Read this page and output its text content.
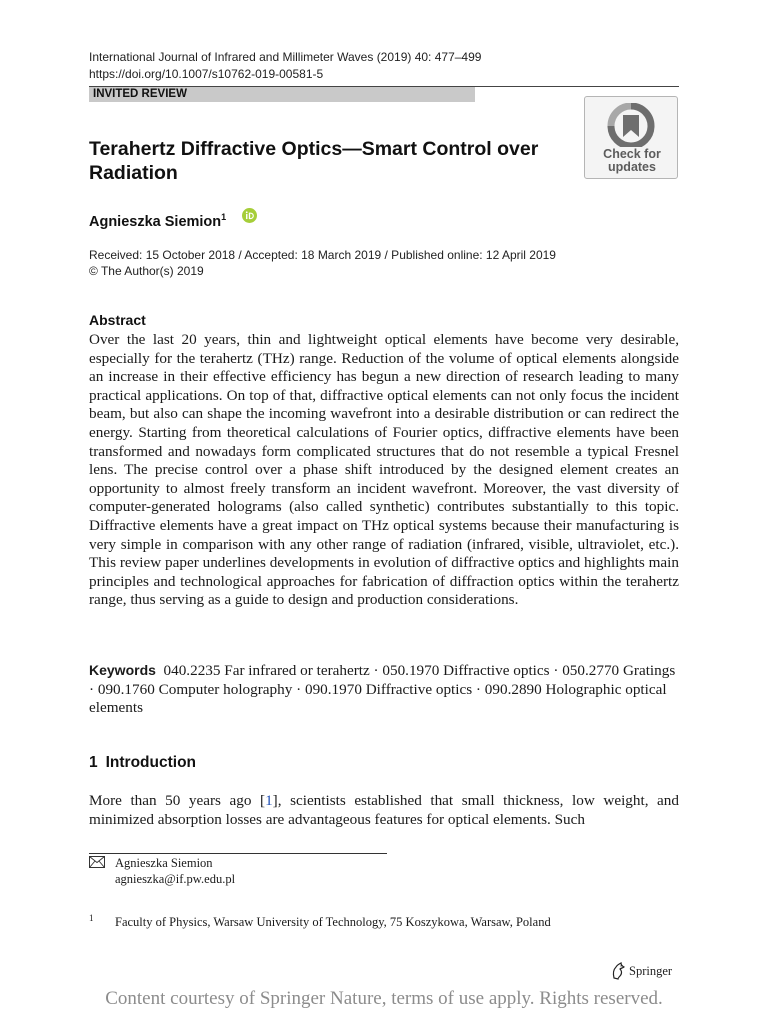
International Journal of Infrared and Millimeter Waves (2019) 40: 477–499
https://doi.org/10.1007/s10762-019-00581-5
INVITED REVIEW
Terahertz Diffractive Optics—Smart Control over
Radiation
Check for
updates
Agnieszka Siemion$^1$
Received: 15 October 2018 / Accepted: 18 March 2019 / Published online: 12 April 2019
© The Author(s) 2019
Abstract
Over the last 20 years, thin and lightweight optical elements have become very desirable, especially for the terahertz (THz) range. Reduction of the volume of optical elements alongside an increase in their effective efficiency has begun a new direction of research leading to many practical applications. On top of that, diffractive optical elements can not only focus the incident beam, but also can shape the incoming wavefront into a desirable distribution or can redirect the energy. Starting from theoretical calculations of Fourier optics, diffractive elements have been transformed and nowadays form complicated structures that do not resemble a typical Fresnel lens. The precise control over a phase shift introduced by the designed element creates an opportunity to almost freely transform an incident wavefront. Moreover, the vast diversity of computer-generated holograms (also called synthetic) contributes substantially to this topic. Diffractive elements have a great impact on THz optical systems because their manufacturing is very simple in comparison with any other range of radiation (infrared, visible, ultraviolet, etc.). This review paper underlines developments in evolution of diffractive optics and highlights main principles and technological approaches for fabrication of diffraction optics within the terahertz range, thus serving as a guide to design and production considerations.
Keywords 040.2235 Far infrared or terahertz · 050.1970 Diffractive optics · 050.2770 Gratings · 090.1760 Computer holography · 090.1970 Diffractive optics · 090.2890 Holographic optical elements
1 Introduction
More than 50 years ago [1], scientists established that small thickness, low weight, and minimized absorption losses are advantageous features for optical elements. Such
Agnieszka Siemion
agnieszka@if.pw.edu.pl
1 Faculty of Physics, Warsaw University of Technology, 75 Koszykowa, Warsaw, Poland
Springer
Content courtesy of Springer Nature, terms of use apply. Rights reserved.
